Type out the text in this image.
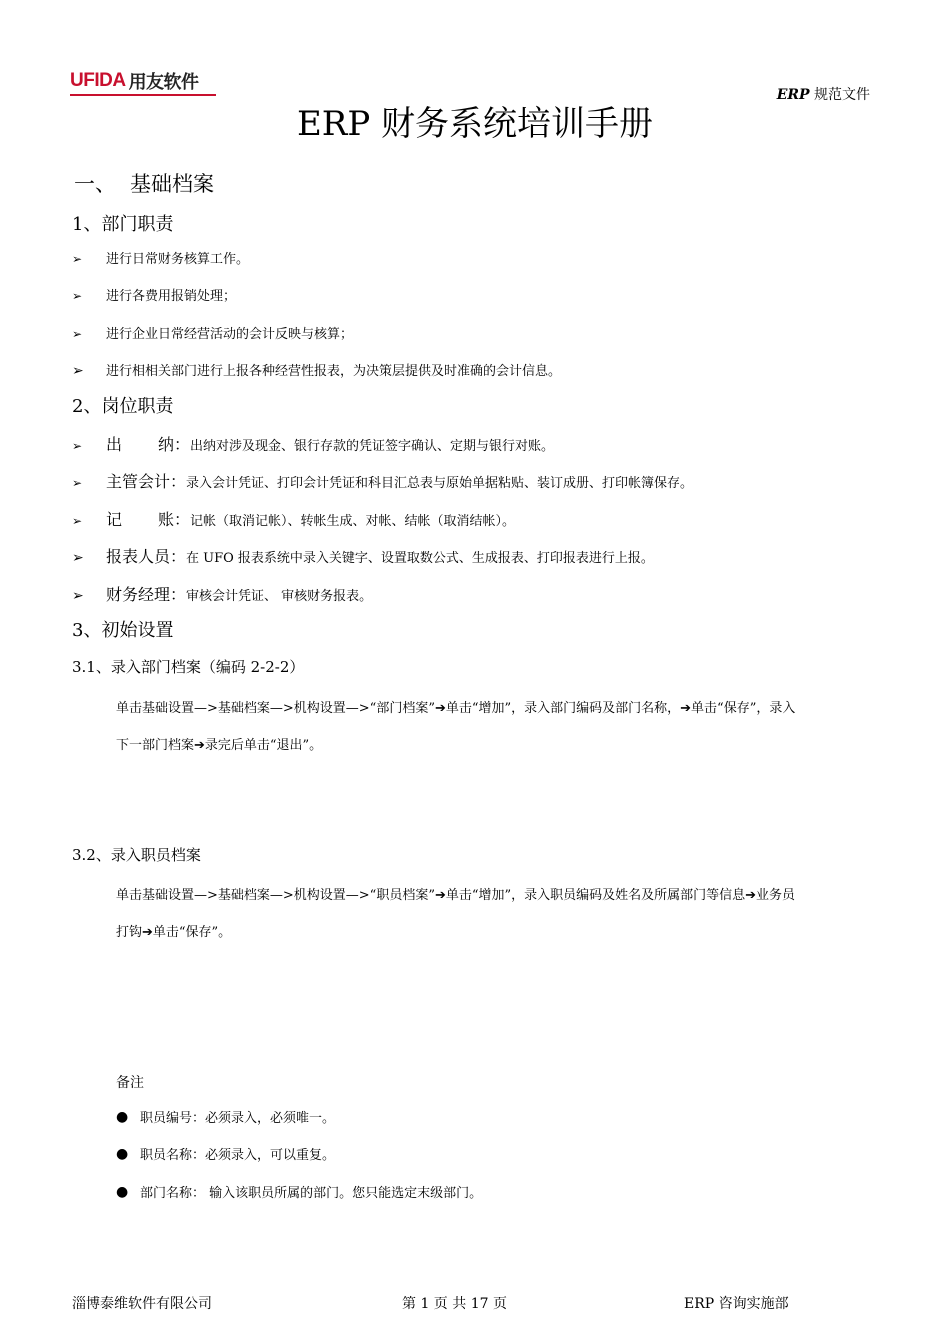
UFIDA 用友软件
ERP 规范文件
ERP 财务系统培训手册
一、 基础档案
1、部门职责
➢	进行日常财务核算工作。
➢	进行各费用报销处理；
➢	进行企业日常经营活动的会计反映与核算；
➢	进行相相关部门进行上报各种经营性报表，为决策层提供及时准确的会计信息。
2、岗位职责
➢	出 纳： 出纳对涉及现金、银行存款的凭证签字确认、定期与银行对账。
➢	主管会计： 录入会计凭证、打印会计凭证和科目汇总表与原始单据粘贴、装订成册、打印帐簿保存。
➢	记 账： 记帐（取消记帐）、转帐生成、对帐、结帐（取消结帐）。
➢	报表人员： 在 UFO 报表系统中录入关键字、设置取数公式、生成报表、打印报表进行上报。
➢	财务经理： 审核会计凭证、 审核财务报表。
3、初始设置
3.1、录入部门档案（编码 2-2-2）
单击基础设置—>基础档案—>机构设置—>“部门档案”➔单击“增加”，录入部门编码及部门名称，➔单击“保存”，录入
下一部门档案➔录完后单击“退出”。
3.2、录入职员档案
单击基础设置—>基础档案—>机构设置—>“职员档案”➔单击“增加”，录入职员编码及姓名及所属部门等信息➔业务员
打钩➔单击“保存”。
备注
● 职员编号：必须录入，必须唯一。
● 职员名称：必须录入，可以重复。
● 部门名称： 输入该职员所属的部门。您只能选定末级部门。
淄博泰维软件有限公司	第 1 页 共 17 页	ERP 咨询实施部
